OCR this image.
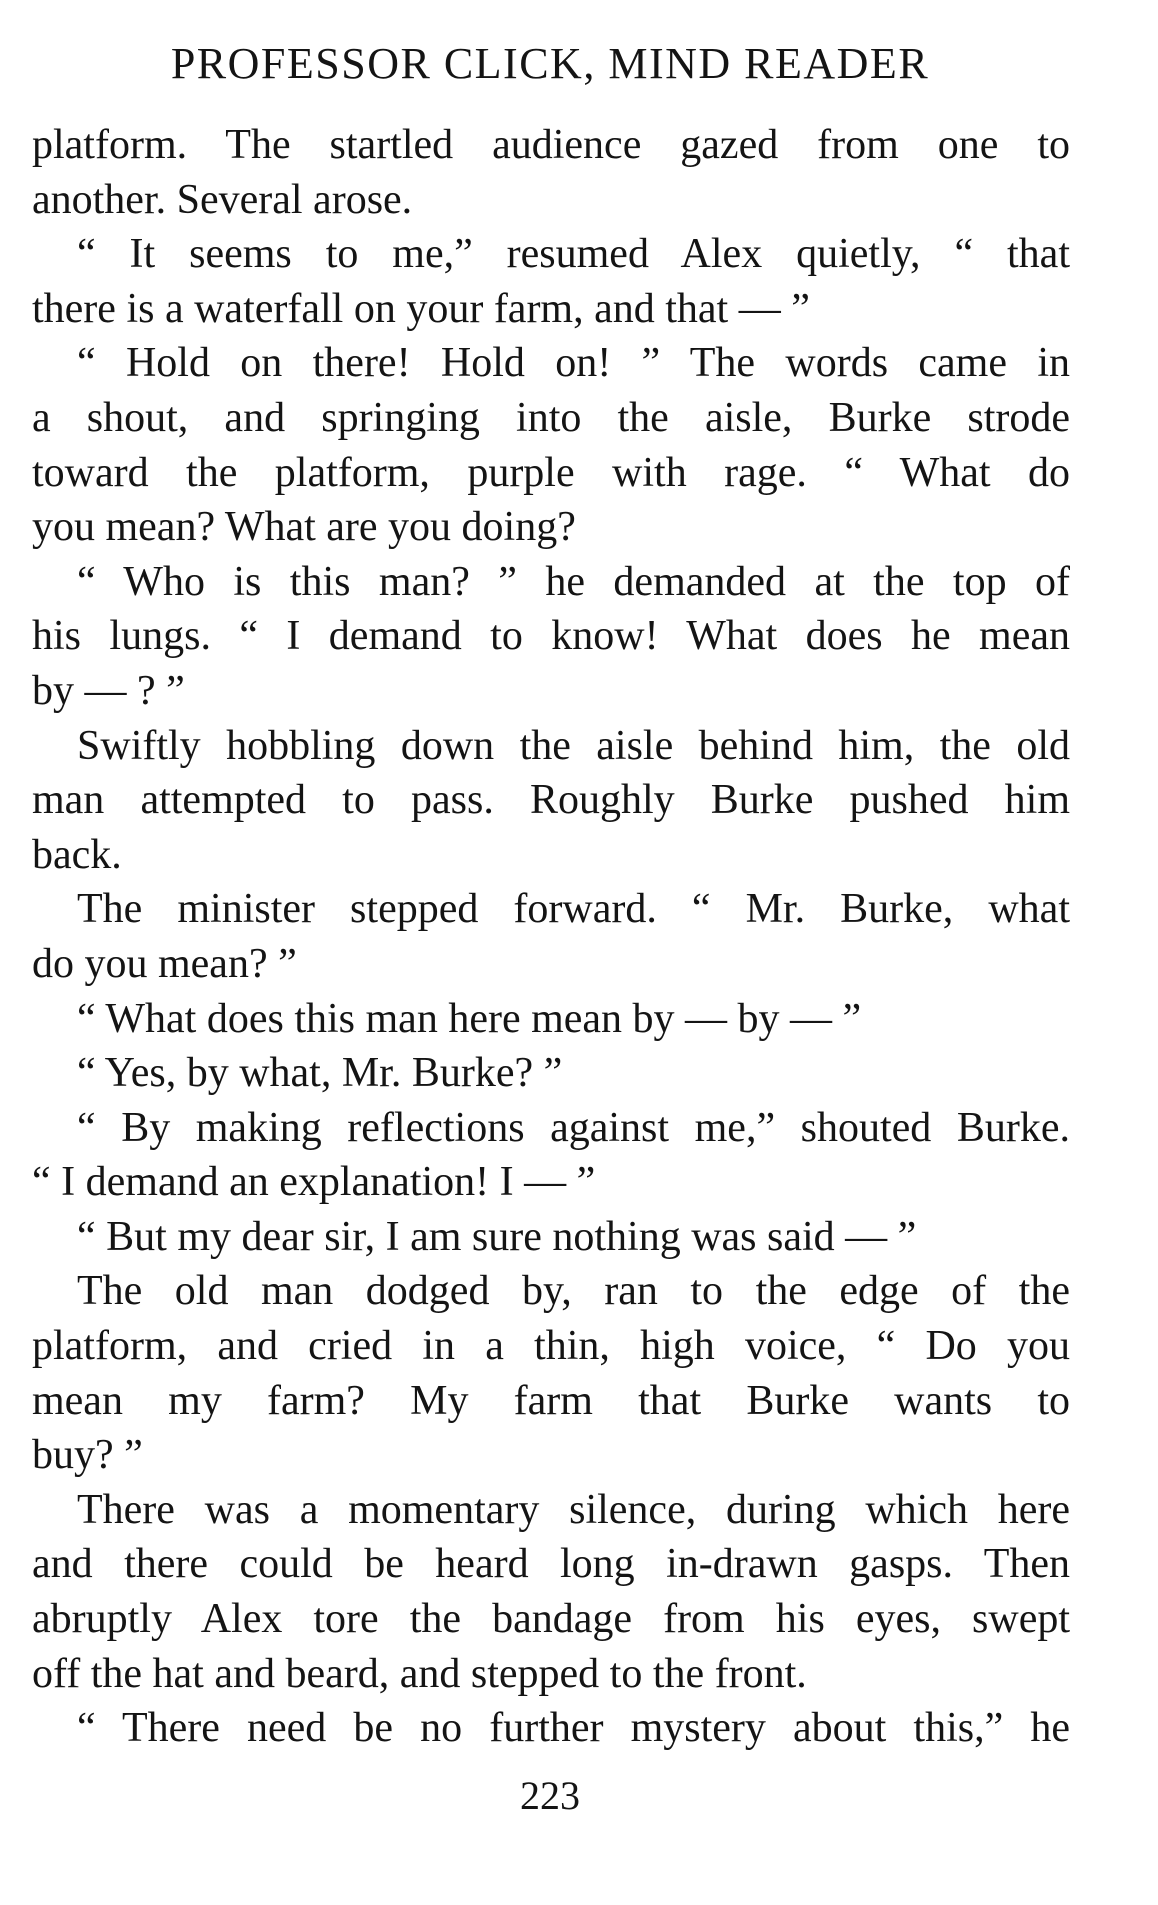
PROFESSOR CLICK, MIND READER
platform. The startled audience gazed from one to
another. Several arose.
“ It seems to me,” resumed Alex quietly, “ that
there is a waterfall on your farm, and that — ”
“ Hold on there! Hold on! ” The words came in
a shout, and springing into the aisle, Burke strode
toward the platform, purple with rage. “ What do
you mean? What are you doing?
“ Who is this man? ” he demanded at the top of
his lungs. “ I demand to know! What does he mean
by — ? ”
Swiftly hobbling down the aisle behind him, the old
man attempted to pass. Roughly Burke pushed him
back.
The minister stepped forward. “ Mr. Burke, what
do you mean? ”
“ What does this man here mean by — by — ”
“ Yes, by what, Mr. Burke? ”
“ By making reflections against me,” shouted Burke.
“ I demand an explanation! I — ”
“ But my dear sir, I am sure nothing was said — ”
The old man dodged by, ran to the edge of the
platform, and cried in a thin, high voice, “ Do you
mean my farm? My farm that Burke wants to
buy? ”
There was a momentary silence, during which here
and there could be heard long in-drawn gasps. Then
abruptly Alex tore the bandage from his eyes, swept
off the hat and beard, and stepped to the front.
“ There need be no further mystery about this,” he
223
